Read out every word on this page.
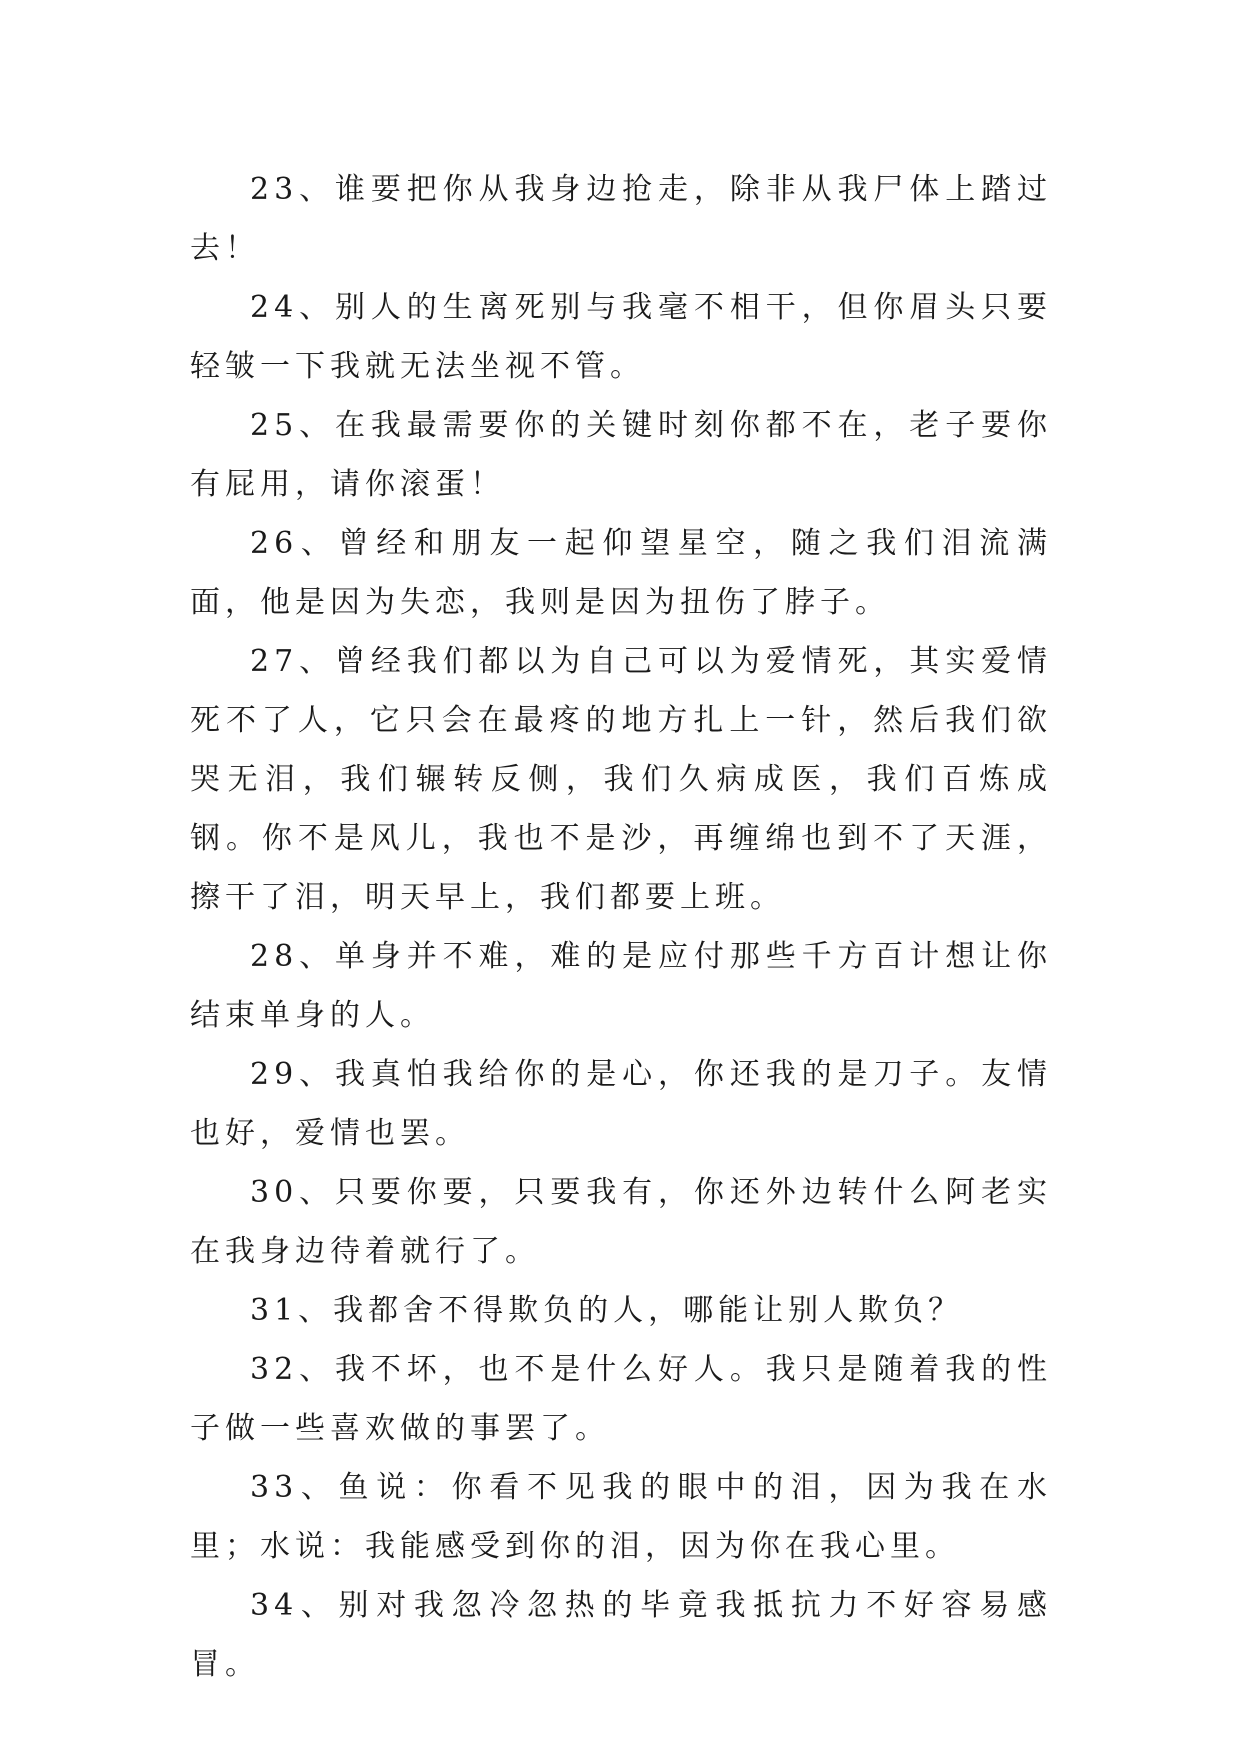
23、谁要把你从我身边抢走，除非从我尸体上踏过去！

24、别人的生离死别与我毫不相干，但你眉头只要轻皱一下我就无法坐视不管。

25、在我最需要你的关键时刻你都不在，老子要你有屁用，请你滚蛋！

26、曾经和朋友一起仰望星空，随之我们泪流满面，他是因为失恋，我则是因为扭伤了脖子。

27、曾经我们都以为自己可以为爱情死，其实爱情死不了人，它只会在最疼的地方扎上一针，然后我们欲哭无泪，我们辗转反侧，我们久病成医，我们百炼成钢。你不是风儿，我也不是沙，再缠绵也到不了天涯，擦干了泪，明天早上，我们都要上班。

28、单身并不难，难的是应付那些千方百计想让你结束单身的人。

29、我真怕我给你的是心，你还我的是刀子。友情也好，爱情也罢。

30、只要你要，只要我有，你还外边转什么阿老实在我身边待着就行了。

31、我都舍不得欺负的人，哪能让别人欺负？

32、我不坏，也不是什么好人。我只是随着我的性子做一些喜欢做的事罢了。

33、鱼说：你看不见我的眼中的泪，因为我在水里；水说：我能感受到你的泪，因为你在我心里。

34、别对我忽冷忽热的毕竟我抵抗力不好容易感冒。
